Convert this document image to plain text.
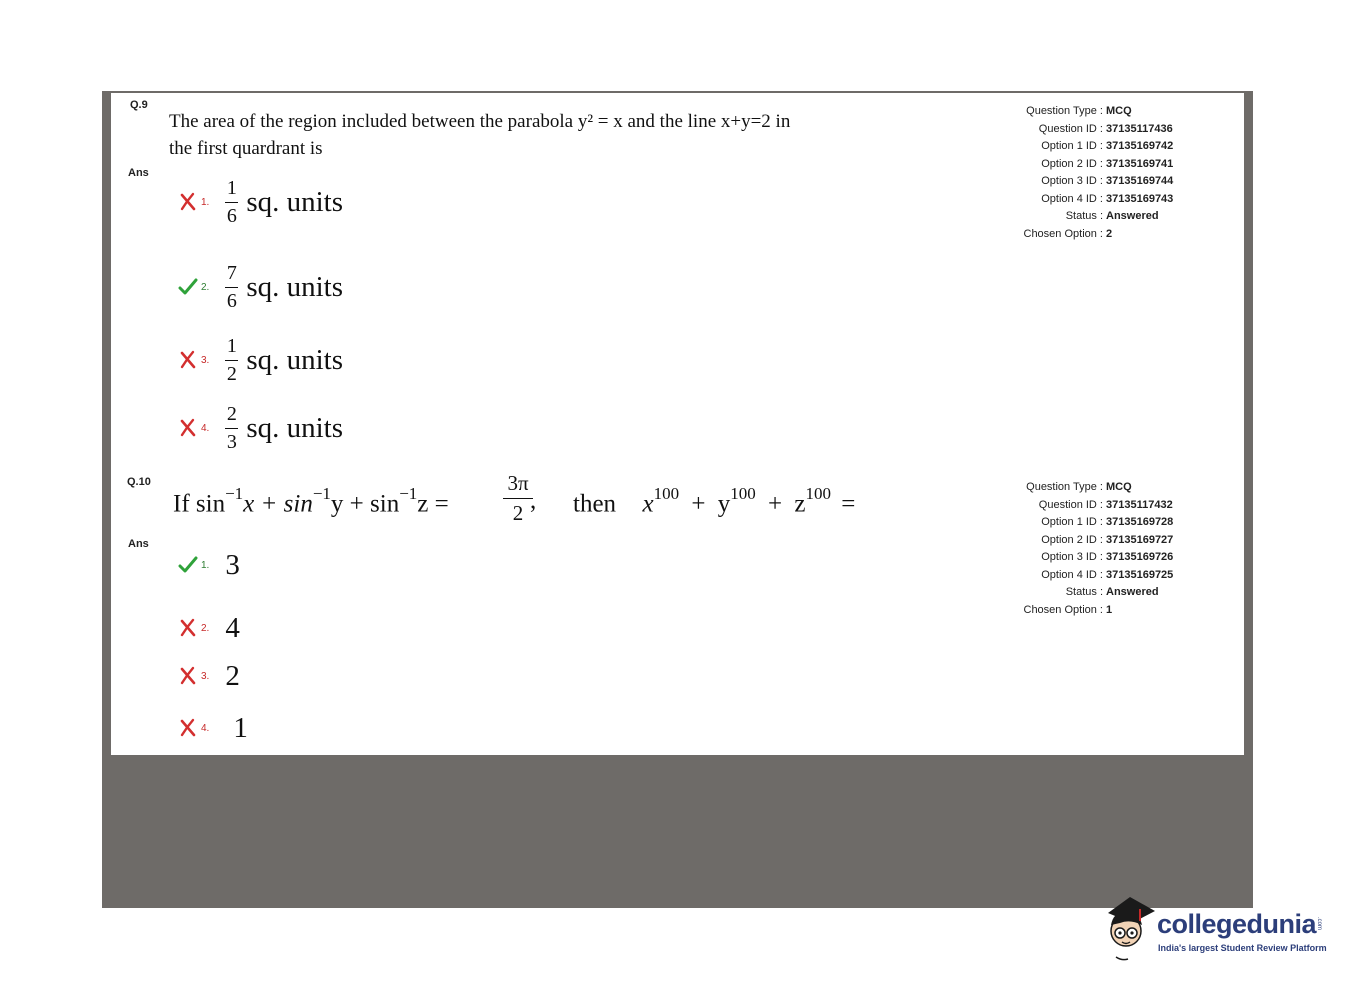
Q.9
The area of the region included between the parabola y² = x and the line x+y=2 in
the first quardrant is
Ans
1. $\frac{1}{6}$ sq. units
2. $\frac{7}{6}$ sq. units
3. $\frac{1}{2}$ sq. units
4. $\frac{2}{3}$ sq. units
Question Type : MCQ
Question ID : 37135117436
Option 1 ID : 37135169742
Option 2 ID : 37135169741
Option 3 ID : 37135169744
Option 4 ID : 37135169743
Status : Answered
Chosen Option : 2
Q.10
If $\sin^{-1}x + \sin^{-1}y + \sin^{-1}z$ =
3π
2 , then $x^{100} + y^{100} + z^{100}$ =
Ans
1. 3
2. 4
3. 2
4. 1
Question Type : MCQ
Question ID : 37135117432
Option 1 ID : 37135169728
Option 2 ID : 37135169727
Option 3 ID : 37135169726
Option 4 ID : 37135169725
Status : Answered
Chosen Option : 1
collegedunia .com
India's largest Student Review Platform
